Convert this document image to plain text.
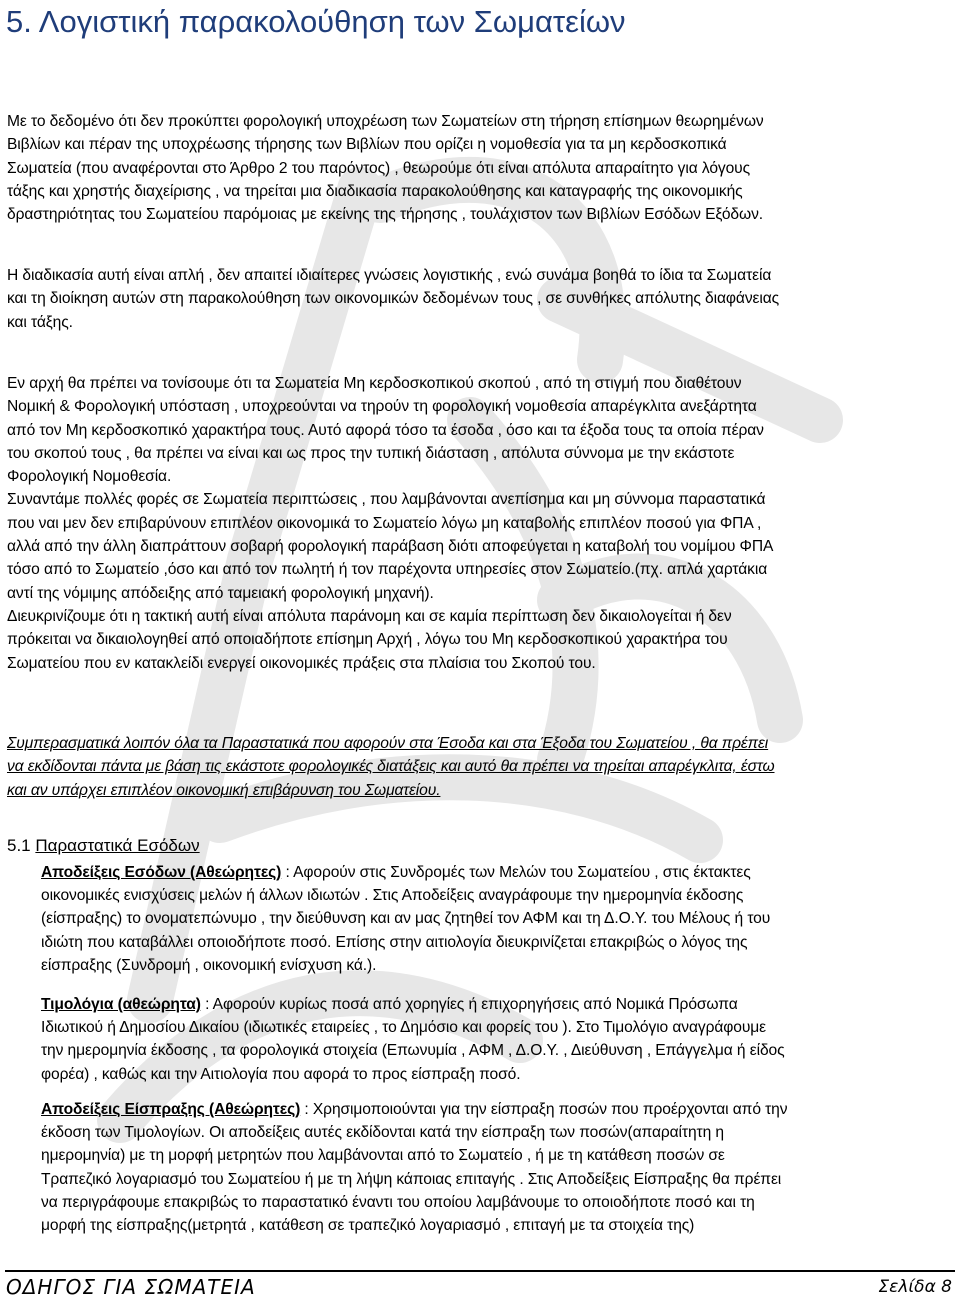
5. Λογιστική παρακολούθηση των Σωματείων
Με το δεδομένο ότι δεν προκύπτει φορολογική υποχρέωση των Σωματείων στη τήρηση επίσημων θεωρημένων
Βιβλίων και πέραν της υποχρέωσης τήρησης των Βιβλίων που ορίζει η νομοθεσία για τα μη κερδοσκοπικά
Σωματεία (που αναφέρονται στο Άρθρο 2 του παρόντος) , θεωρούμε ότι είναι απόλυτα απαραίτητο για λόγους
τάξης και χρηστής διαχείρισης , να τηρείται μια διαδικασία παρακολούθησης και καταγραφής της οικονομικής
δραστηριότητας του Σωματείου παρόμοιας με εκείνης της τήρησης , τουλάχιστον των Βιβλίων Εσόδων Εξόδων.
Η διαδικασία αυτή είναι απλή , δεν απαιτεί ιδιαίτερες γνώσεις λογιστικής , ενώ συνάμα βοηθά το ίδια τα Σωματεία
και τη διοίκηση αυτών στη παρακολούθηση των οικονομικών δεδομένων τους , σε συνθήκες απόλυτης διαφάνειας
και τάξης.
Εν αρχή θα πρέπει να τονίσουμε ότι τα Σωματεία Μη κερδοσκοπικού σκοπού , από τη στιγμή που διαθέτουν
Νομική & Φορολογική υπόσταση , υποχρεούνται να τηρούν τη φορολογική νομοθεσία απαρέγκλιτα ανεξάρτητα
από τον Μη κερδοσκοπικό χαρακτήρα τους. Αυτό αφορά τόσο τα έσοδα , όσο και τα έξοδα τους τα οποία πέραν
του σκοπού τους , θα πρέπει να είναι και ως προς την τυπική διάσταση , απόλυτα σύννομα με την εκάστοτε
Φορολογική Νομοθεσία.
Συναντάμε πολλές φορές σε Σωματεία περιπτώσεις , που λαμβάνονται ανεπίσημα και μη σύννομα παραστατικά
που ναι μεν δεν επιβαρύνουν επιπλέον οικονομικά το Σωματείο λόγω μη καταβολής επιπλέον ποσού για ΦΠΑ ,
αλλά από την άλλη διαπράττουν σοβαρή φορολογική παράβαση διότι αποφεύγεται η καταβολή του νομίμου ΦΠΑ
τόσο από το Σωματείο ,όσο και από τον πωλητή ή τον παρέχοντα υπηρεσίες στον Σωματείο.(πχ. απλά χαρτάκια
αντί της νόμιμης απόδειξης από ταμειακή φορολογική μηχανή).
Διευκρινίζουμε ότι η τακτική αυτή είναι απόλυτα παράνομη και σε καμία περίπτωση δεν δικαιολογείται ή δεν
πρόκειται να δικαιολογηθεί από οποιαδήποτε επίσημη Αρχή , λόγω του Μη κερδοσκοπικού χαρακτήρα του
Σωματείου που εν κατακλείδι ενεργεί οικονομικές πράξεις στα πλαίσια του Σκοπού του.
Συμπερασματικά λοιπόν όλα τα Παραστατικά που αφορούν στα Έσοδα και στα Έξοδα του Σωματείου , θα πρέπει
να εκδίδονται πάντα με βάση τις εκάστοτε φορολογικές διατάξεις και αυτό θα πρέπει να τηρείται απαρέγκλιτα, έστω
και αν υπάρχει επιπλέον οικονομική επιβάρυνση του Σωματείου.
5.1 Παραστατικά Εσόδων
Αποδείξεις Εσόδων (Αθεώρητες) : Αφορούν στις Συνδρομές των Μελών του Σωματείου , στις έκτακτες
οικονομικές ενισχύσεις μελών ή άλλων ιδιωτών . Στις Αποδείξεις αναγράφουμε την ημερομηνία έκδοσης
(είσπραξης) το ονοματεπώνυμο , την διεύθυνση και αν μας ζητηθεί τον ΑΦΜ και τη Δ.Ο.Υ. του Μέλους ή του
ιδιώτη που καταβάλλει οποιοδήποτε ποσό. Επίσης στην αιτιολογία διευκρινίζεται επακριβώς ο λόγος της
είσπραξης (Συνδρομή , οικονομική ενίσχυση κά.).
Τιμολόγια (αθεώρητα) : Αφορούν κυρίως ποσά από χορηγίες ή επιχορηγήσεις από Νομικά Πρόσωπα
Ιδιωτικού ή Δημοσίου Δικαίου (ιδιωτικές εταιρείες , το Δημόσιο και φορείς του ). Στο Τιμολόγιο αναγράφουμε
την ημερομηνία έκδοσης , τα φορολογικά στοιχεία (Επωνυμία , ΑΦΜ , Δ.Ο.Υ. , Διεύθυνση , Επάγγελμα ή είδος
φορέα) , καθώς και την Αιτιολογία που αφορά το προς είσπραξη ποσό.
Αποδείξεις Είσπραξης (Αθεώρητες) : Χρησιμοποιούνται για την είσπραξη ποσών που προέρχονται από την
έκδοση των Τιμολογίων. Οι αποδείξεις αυτές εκδίδονται κατά την είσπραξη των ποσών(απαραίτητη η
ημερομηνία) με τη μορφή μετρητών που λαμβάνονται από το Σωματείο , ή με τη κατάθεση ποσών σε
Τραπεζικό λογαριασμό του Σωματείου ή με τη λήψη κάποιας επιταγής . Στις Αποδείξεις Είσπραξης θα πρέπει
να περιγράφουμε επακριβώς το παραστατικό έναντι του οποίου λαμβάνουμε το οποιοδήποτε ποσό και τη
μορφή της είσπραξης(μετρητά , κατάθεση σε τραπεζικό λογαριασμό , επιταγή με τα στοιχεία της)
ΟΔΗΓΟΣ ΓΙΑ ΣΩΜΑΤΕΙΑ	Σελίδα 8
